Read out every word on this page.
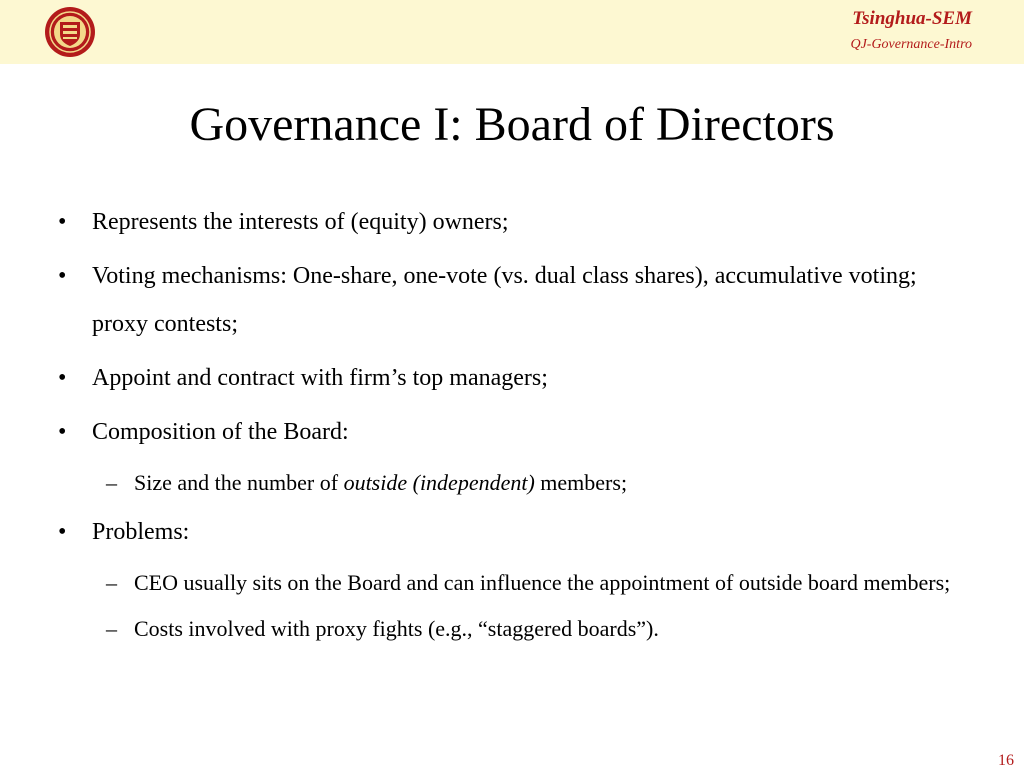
Tsinghua-SEM
QJ-Governance-Intro
Governance I: Board of Directors
•	Represents the interests of (equity) owners;
•	Voting mechanisms: One-share, one-vote (vs. dual class shares), accumulative voting; proxy contests;
•	Appoint and contract with firm’s top managers;
•	Composition of the Board:
– Size and the number of outside (independent) members;
•	Problems:
– CEO usually sits on the Board and can influence the appointment of outside board members;
– Costs involved with proxy fights (e.g., “staggered boards”).
16
